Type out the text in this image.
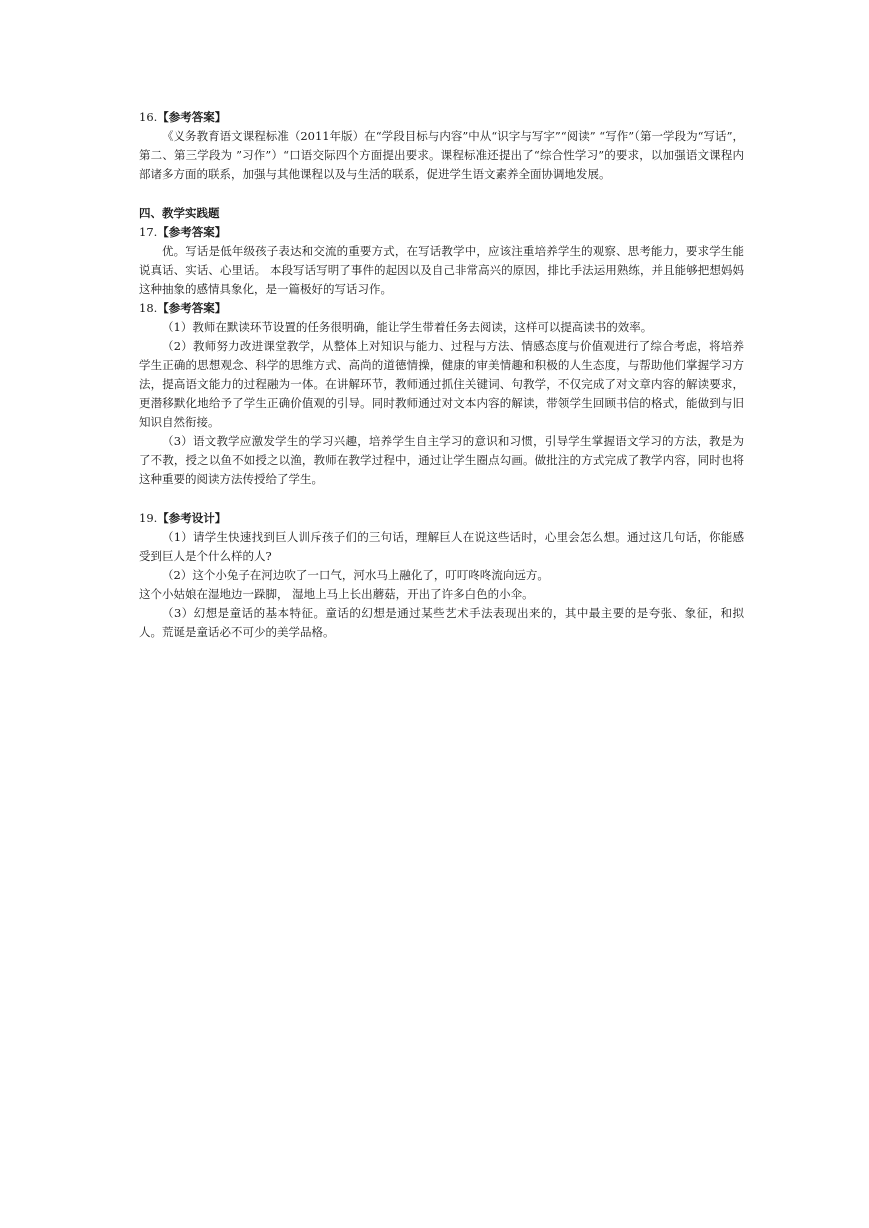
16.【参考答案】

《义务教育语文课程标准（2011年版）在“学段目标与内容”中从“识字与写字”“阅读” “写作”（第一学段为“写话”，第二、第三学段为 ”习作”）“口语交际四个方面提出要求。课程标准还提出了“综合性学习”的要求，以加强语文课程内部诸多方面的联系，加强与其他课程以及与生活的联系，促进学生语文素养全面协调地发展。

四、教学实践题
17.【参考答案】

优。写话是低年级孩子表达和交流的重要方式，在写话教学中，应该注重培养学生的观察、思考能力，要求学生能说真话、实话、心里话。 本段写话写明了事件的起因以及自己非常高兴的原因，排比手法运用熟练，并且能够把想妈妈这种抽象的感情具象化，是一篇极好的写话习作。

18.【参考答案】

（1）教师在默读环节设置的任务很明确，能让学生带着任务去阅读，这样可以提高读书的效率。

（2）教师努力改进课堂教学，从整体上对知识与能力、过程与方法、情感态度与价值观进行了综合考虑，将培养学生正确的思想观念、科学的思维方式、高尚的道德情操，健康的审美情趣和积极的人生态度，与帮助他们掌握学习方法，提高语文能力的过程融为一体。在讲解环节，教师通过抓住关键词、句教学，不仅完成了对文章内容的解读要求，更潜移默化地给予了学生正确价值观的引导。同时教师通过对文本内容的解读，带领学生回顾书信的格式，能做到与旧知识自然衔接。

（3）语文教学应激发学生的学习兴趣，培养学生自主学习的意识和习惯，引导学生掌握语文学习的方法，教是为了不教，授之以鱼不如授之以渔，教师在教学过程中，通过让学生圈点勾画。做批注的方式完成了教学内容，同时也将这种重要的阅读方法传授给了学生。

19.【参考设计】

（1）请学生快速找到巨人训斥孩子们的三句话，理解巨人在说这些话时，心里会怎么想。通过这几句话，你能感受到巨人是个什么样的人?

（2）这个小兔子在河边吹了一口气，河水马上融化了，叮叮咚咚流向远方。

这个小姑娘在湿地边一跺脚， 湿地上马上长出蘑菇，开出了许多白色的小伞。

（3）幻想是童话的基本特征。童话的幻想是通过某些艺术手法表现出来的，其中最主要的是夸张、象征，和拟人。荒诞是童话必不可少的美学品格。
